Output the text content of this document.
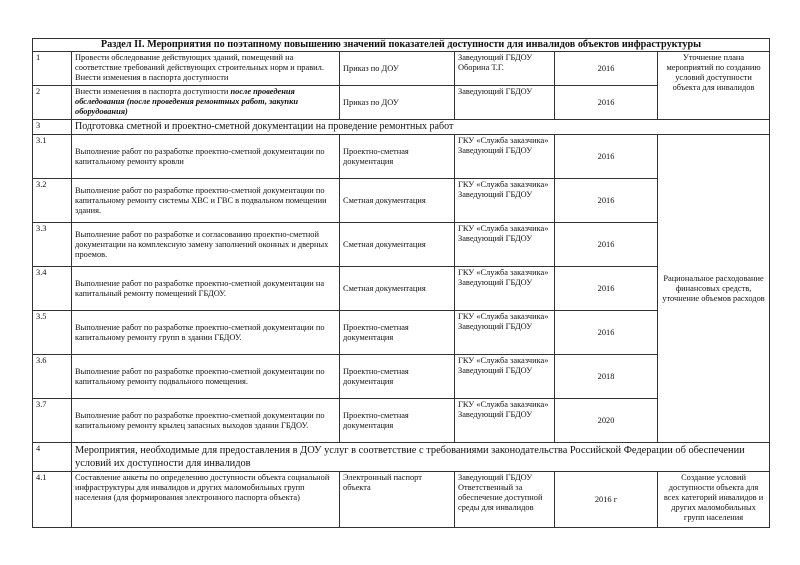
Раздел II. Мероприятия по поэтапному повышению значений показателей доступности для инвалидов объектов инфраструктуры					
1	Провести обследование действующих зданий, помещений на соответствие требований действующих строительных норм и правил. Внести изменения в паспорта доступности	Приказ по ДОУ	Заведующий ГБДОУ Оборина Т.Г.	2016	Уточнение плана мероприятий по созданию условий доступности объекта для инвалидов
2	Внести изменения в паспорта доступности после проведения обследования (после проведения ремонтных работ, закупки оборудования)	Приказ по ДОУ	Заведующий ГБДОУ	2016	
3	Подготовка сметной и проектно-сметной документации на проведение ремонтных работ				
3.1	Выполнение работ по разработке проектно-сметной документации по капитальному ремонту кровли	Проектно-сметная документация	ГКУ «Служба заказчика» Заведующий ГБДОУ	2016	Рациональное расходование финансовых средств, уточнение объемов расходов
3.2	Выполнение работ по разработке проектно-сметной документации по капитальному ремонту системы ХВС и ГВС в подвальном помещении здания.	Сметная документация	ГКУ «Служба заказчика» Заведующий ГБДОУ	2016	
3.3	Выполнение работ по разработке и согласованию проектно-сметной документации на комплексную замену заполнений оконных и дверных проемов.	Сметная документация	ГКУ «Служба заказчика» Заведующий ГБДОУ	2016	
3.4	Выполнение работ по разработке проектно-сметной документации на капитальный ремонту помещений ГБДОУ.	Сметная документация	ГКУ «Служба заказчика» Заведующий ГБДОУ	2016	
3.5	Выполнение работ по разработке проектно-сметной документации по капитальному ремонту групп в здании ГБДОУ.	Проектно-сметная документация	ГКУ «Служба заказчика» Заведующий ГБДОУ	2016	
3.6	Выполнение работ по разработке проектно-сметной документации по капитальному ремонту подвального помещения.	Проектно-сметная документация	ГКУ «Служба заказчика» Заведующий ГБДОУ	2018	
3.7	Выполнение работ по разработке проектно-сметной документации по капитальному ремонту крылец запасных выходов здании ГБДОУ.	Проектно-сметная документация	ГКУ «Служба заказчика» Заведующий ГБДОУ	2020	
4	Мероприятия, необходимые для предоставления в ДОУ услуг в соответствие с требованиями законодательства Российской Федерации об обеспечении условий их доступности для инвалидов				
4.1	Составление анкеты по определению доступности объекта социальной инфраструктуры для инвалидов и других маломобильных групп населения (для формирования электронного паспорта объекта)	Электронный паспорт объекта	Заведующий ГБДОУ Ответственный за обеспечение доступной среды для инвалидов	2016 г	Создание условий доступности объекта для всех категорий инвалидов и других маломобильных групп населения
